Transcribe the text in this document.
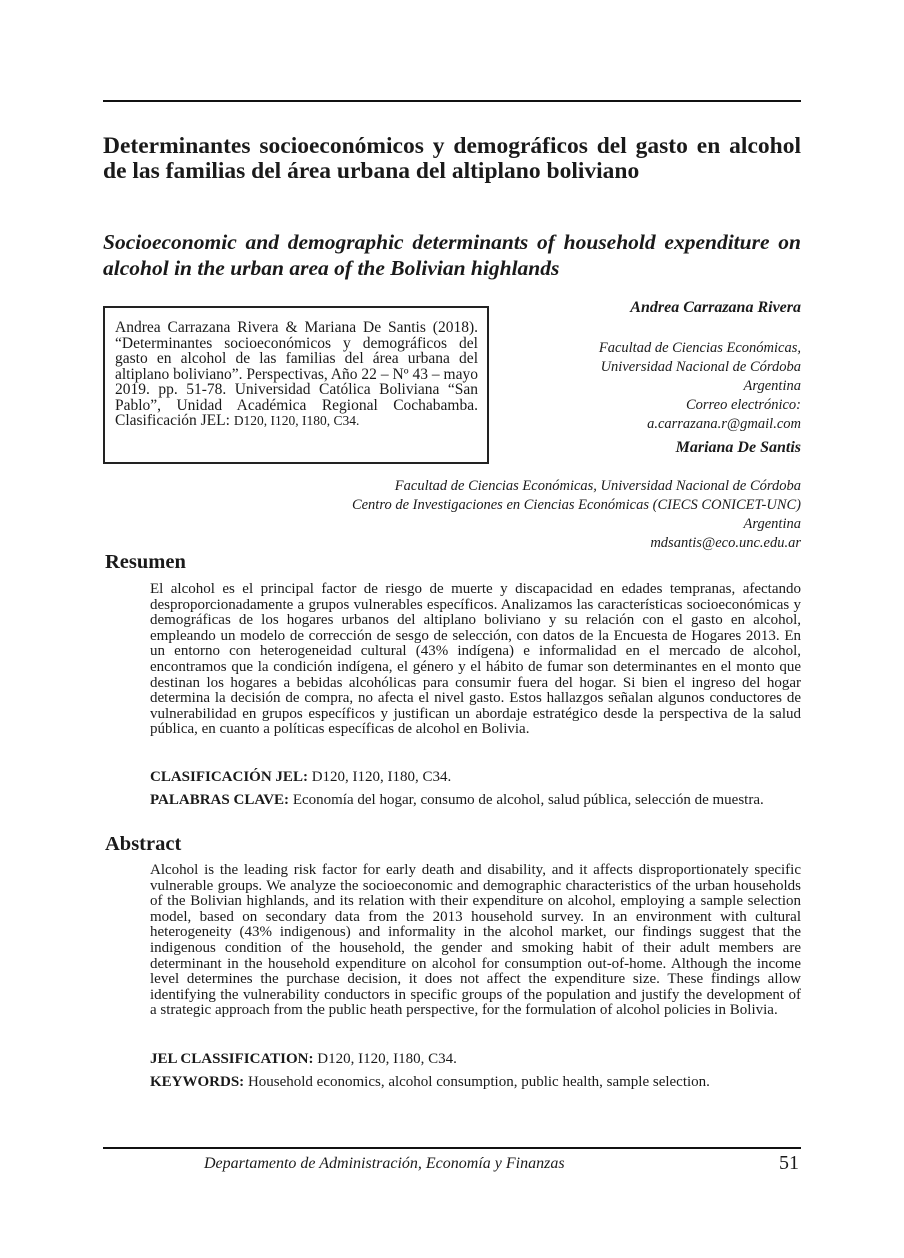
Determinantes socioeconómicos y demográficos del gasto en alcohol de las familias del área urbana del altiplano boliviano
Socioeconomic and demographic determinants of household expenditure on alcohol in the urban area of the Bolivian highlands
Andrea Carrazana Rivera & Mariana De Santis (2018). “Determinantes socioeconómicos y demográficos del gasto en alcohol de las familias del área urbana del altiplano boliviano”. Perspectivas, Año 22 – Nº 43 – mayo 2019. pp. 51-78. Universidad Católica Boliviana “San Pablo”, Unidad Académica Regional Cochabamba. Clasificación JEL: D120, I120, I180, C34.
Andrea Carrazana Rivera
Facultad de Ciencias Económicas,
Universidad Nacional de Córdoba
Argentina
Correo electrónico:
a.carrazana.r@gmail.com
Mariana De Santis
Facultad de Ciencias Económicas, Universidad Nacional de Córdoba
Centro de Investigaciones en Ciencias Económicas (CIECS CONICET-UNC)
Argentina
mdsantis@eco.unc.edu.ar
Resumen

El alcohol es el principal factor de riesgo de muerte y discapacidad en edades tempranas, afectando desproporcionadamente a grupos vulnerables específicos. Analizamos las características socioeconómicas y demográficas de los hogares urbanos del altiplano boliviano y su relación con el gasto en alcohol, empleando un modelo de corrección de sesgo de selección, con datos de la Encuesta de Hogares 2013. En un entorno con heterogeneidad cultural (43% indígena) e informalidad en el mercado de alcohol, encontramos que la condición indígena, el género y el hábito de fumar son determinantes en el monto que destinan los hogares a bebidas alcohólicas para consumir fuera del hogar. Si bien el ingreso del hogar determina la decisión de compra, no afecta el nivel gasto. Estos hallazgos señalan algunos conductores de vulnerabilidad en grupos específicos y justifican un abordaje estratégico desde la perspectiva de la salud pública, en cuanto a políticas específicas de alcohol en Bolivia.

CLASIFICACIÓN JEL: D120, I120, I180, C34.

PALABRAS CLAVE: Economía del hogar, consumo de alcohol, salud pública, selección de muestra.

Abstract

Alcohol is the leading risk factor for early death and disability, and it affects disproportionately specific vulnerable groups. We analyze the socioeconomic and demographic characteristics of the urban households of the Bolivian highlands, and its relation with their expenditure on alcohol, employing a sample selection model, based on secondary data from the 2013 household survey. In an environment with cultural heterogeneity (43% indigenous) and informality in the alcohol market, our findings suggest that the indigenous condition of the household, the gender and smoking habit of their adult members are determinant in the household expenditure on alcohol for consumption out-of-home. Although the income level determines the purchase decision, it does not affect the expenditure size. These findings allow identifying the vulnerability conductors in specific groups of the population and justify the development of a strategic approach from the public heath perspective, for the formulation of alcohol policies in Bolivia.

JEL CLASSIFICATION: D120, I120, I180, C34.

KEYWORDS: Household economics, alcohol consumption, public health, sample selection.

Departamento de Administración, Economía y Finanzas	51
